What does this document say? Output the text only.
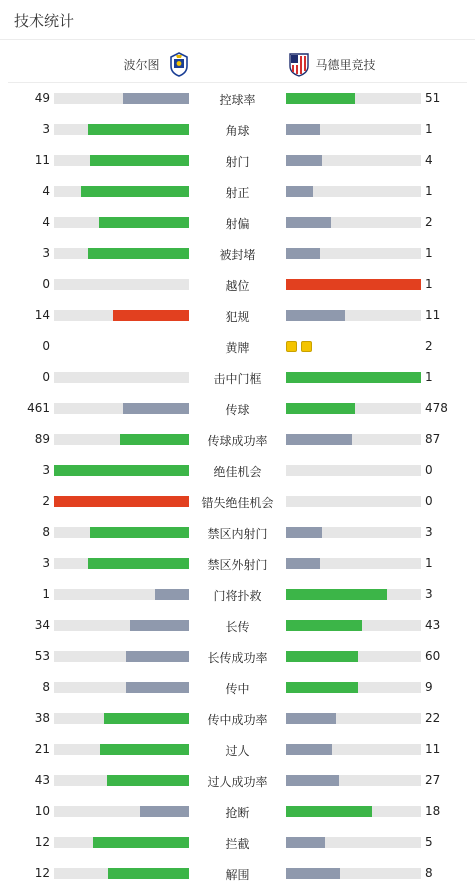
技术统计
波尔图	马德里竞技
49	控球率	51
3	角球	1
11	射门	4
4	射正	1
4	射偏	2
3	被封堵	1
0	越位	1
14	犯规	11
0	黄牌	2
0	击中门框	1
461	传球	478
89	传球成功率	87
3	绝佳机会	0
2	错失绝佳机会	0
8	禁区内射门	3
3	禁区外射门	1
1	门将扑救	3
34	长传	43
53	长传成功率	60
8	传中	9
38	传中成功率	22
21	过人	11
43	过人成功率	27
10	抢断	18
12	拦截	5
12	解围	8
